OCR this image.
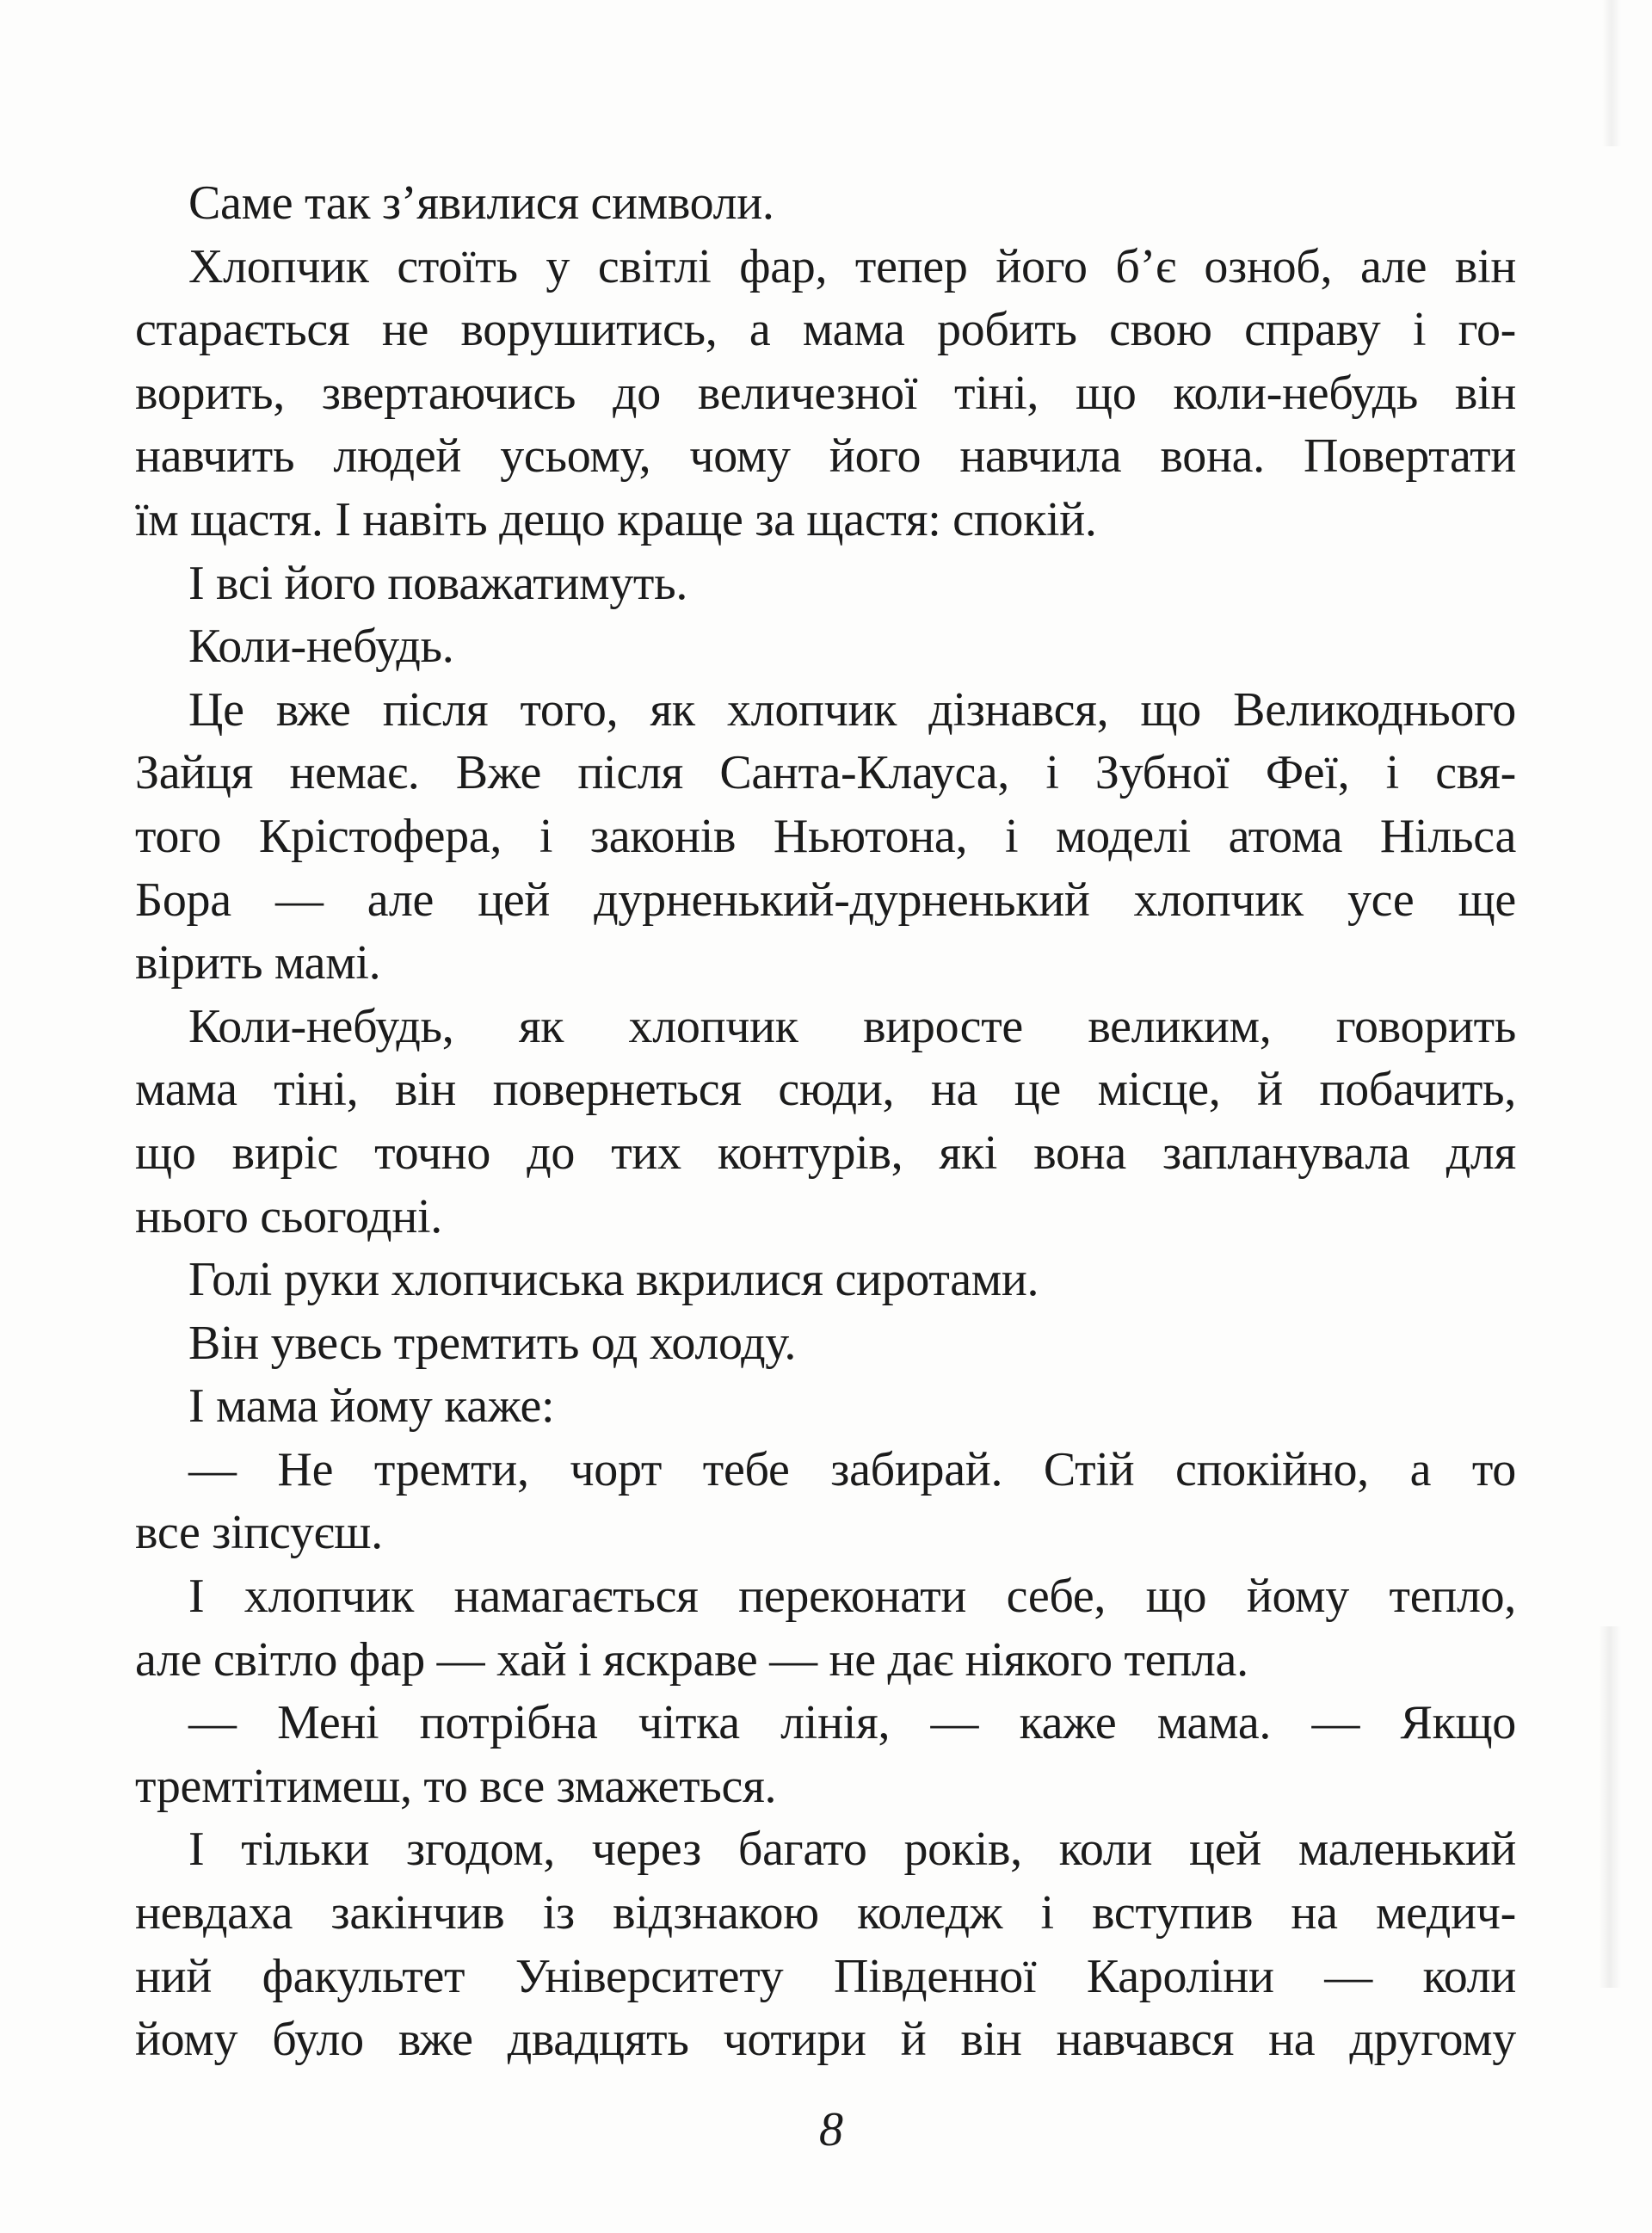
Саме так з’явилися символи.
Хлопчик стоїть у світлі фар, тепер його б’є озноб, але він
старається не ворушитись, а мама робить свою справу і го-
ворить, звертаючись до величезної тіні, що коли-небудь він
навчить людей усьому, чому його навчила вона. Повертати
їм щастя. І навіть дещо краще за щастя: спокій.
І всі його поважатимуть.
Коли-небудь.
Це вже після того, як хлопчик дізнався, що Великоднього
Зайця немає. Вже після Санта-Клауса, і Зубної Феї, і свя-
того Крістофера, і законів Ньютона, і моделі атома Нільса
Бора — але цей дурненький-дурненький хлопчик усе ще
вірить мамі.
Коли-небудь, як хлопчик виросте великим, говорить
мама тіні, він повернеться сюди, на це місце, й побачить,
що виріс точно до тих контурів, які вона запланувала для
нього сьогодні.
Голі руки хлопчиська вкрилися сиротами.
Він увесь тремтить од холоду.
І мама йому каже:
— Не тремти, чорт тебе забирай. Стій спокійно, а то
все зіпсуєш.
І хлопчик намагається переконати себе, що йому тепло,
але світло фар — хай і яскраве — не дає ніякого тепла.
— Мені потрібна чітка лінія, — каже мама. — Якщо
тремтітимеш, то все змажеться.
І тільки згодом, через багато років, коли цей маленький
невдаха закінчив із відзнакою коледж і вступив на медич-
ний факультет Університету Південної Кароліни — коли
йому було вже двадцять чотири й він навчався на другому
8
